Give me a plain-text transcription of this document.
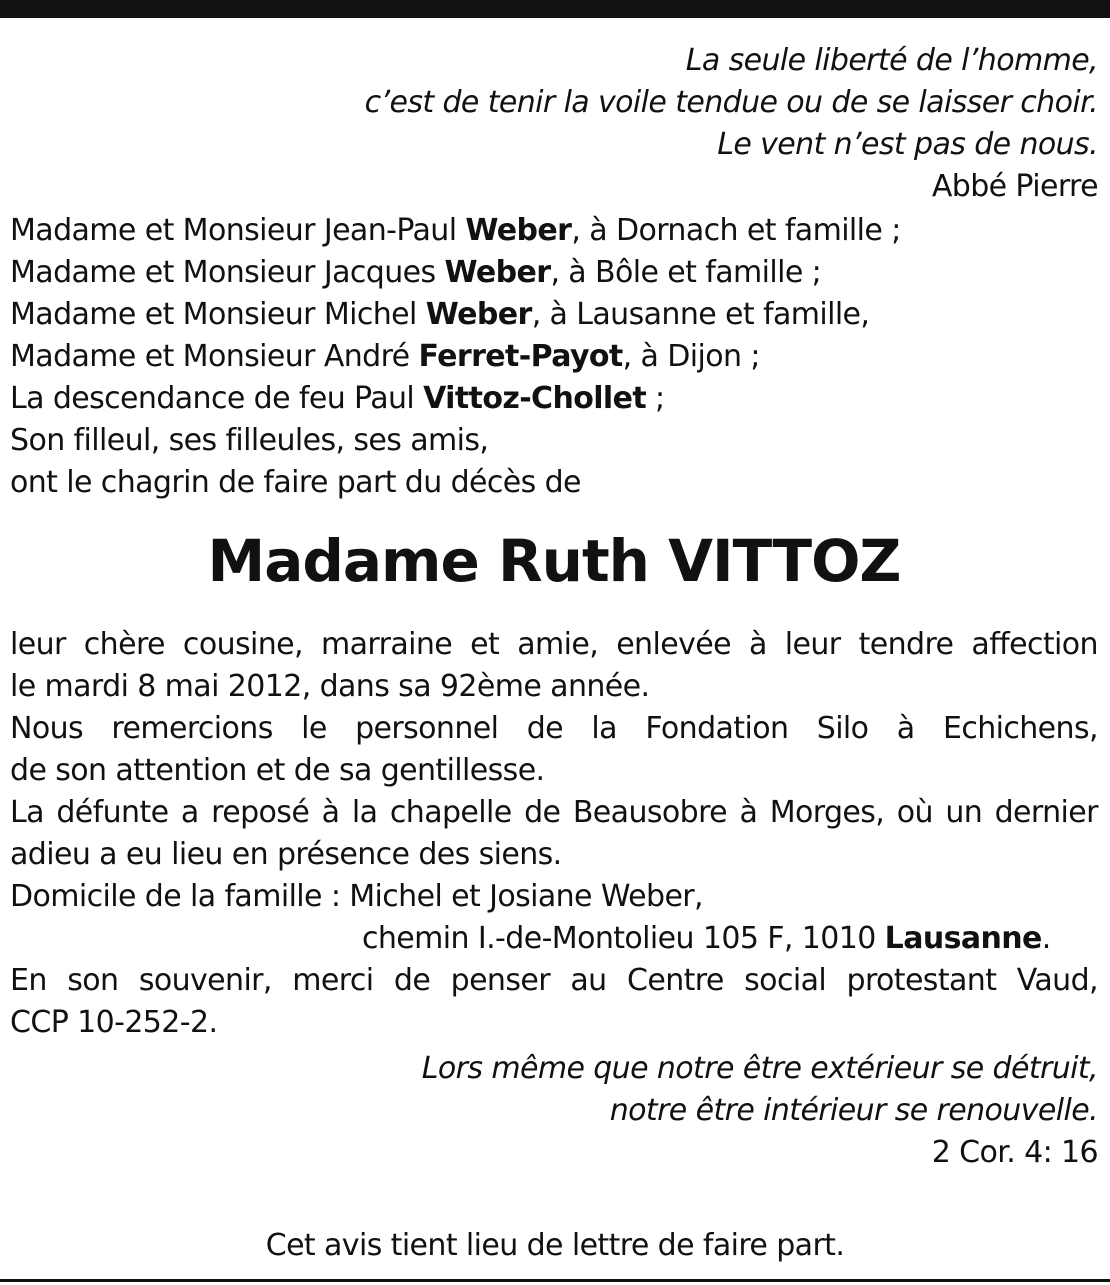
La seule liberté de l’homme,
c’est de tenir la voile tendue ou de se laisser choir.
Le vent n’est pas de nous.
Abbé Pierre
Madame et Monsieur Jean-Paul Weber, à Dornach et famille ;
Madame et Monsieur Jacques Weber, à Bôle et famille ;
Madame et Monsieur Michel Weber, à Lausanne et famille,
Madame et Monsieur André Ferret-Payot, à Dijon ;
La descendance de feu Paul Vittoz-Chollet ;
Son filleul, ses filleules, ses amis,
ont le chagrin de faire part du décès de
Madame Ruth VITTOZ
leur chère cousine, marraine et amie, enlevée à leur tendre affection
le mardi 8 mai 2012, dans sa 92ème année.
Nous remercions le personnel de la Fondation Silo à Echichens,
de son attention et de sa gentillesse.
La défunte a reposé à la chapelle de Beausobre à Morges, où un dernier
adieu a eu lieu en présence des siens.
Domicile de la famille : Michel et Josiane Weber,
chemin I.-de-Montolieu 105 F, 1010 Lausanne.
En son souvenir, merci de penser au Centre social protestant Vaud,
CCP 10-252-2.
Lors même que notre être extérieur se détruit,
notre être intérieur se renouvelle.
2 Cor. 4: 16
Cet avis tient lieu de lettre de faire part.
